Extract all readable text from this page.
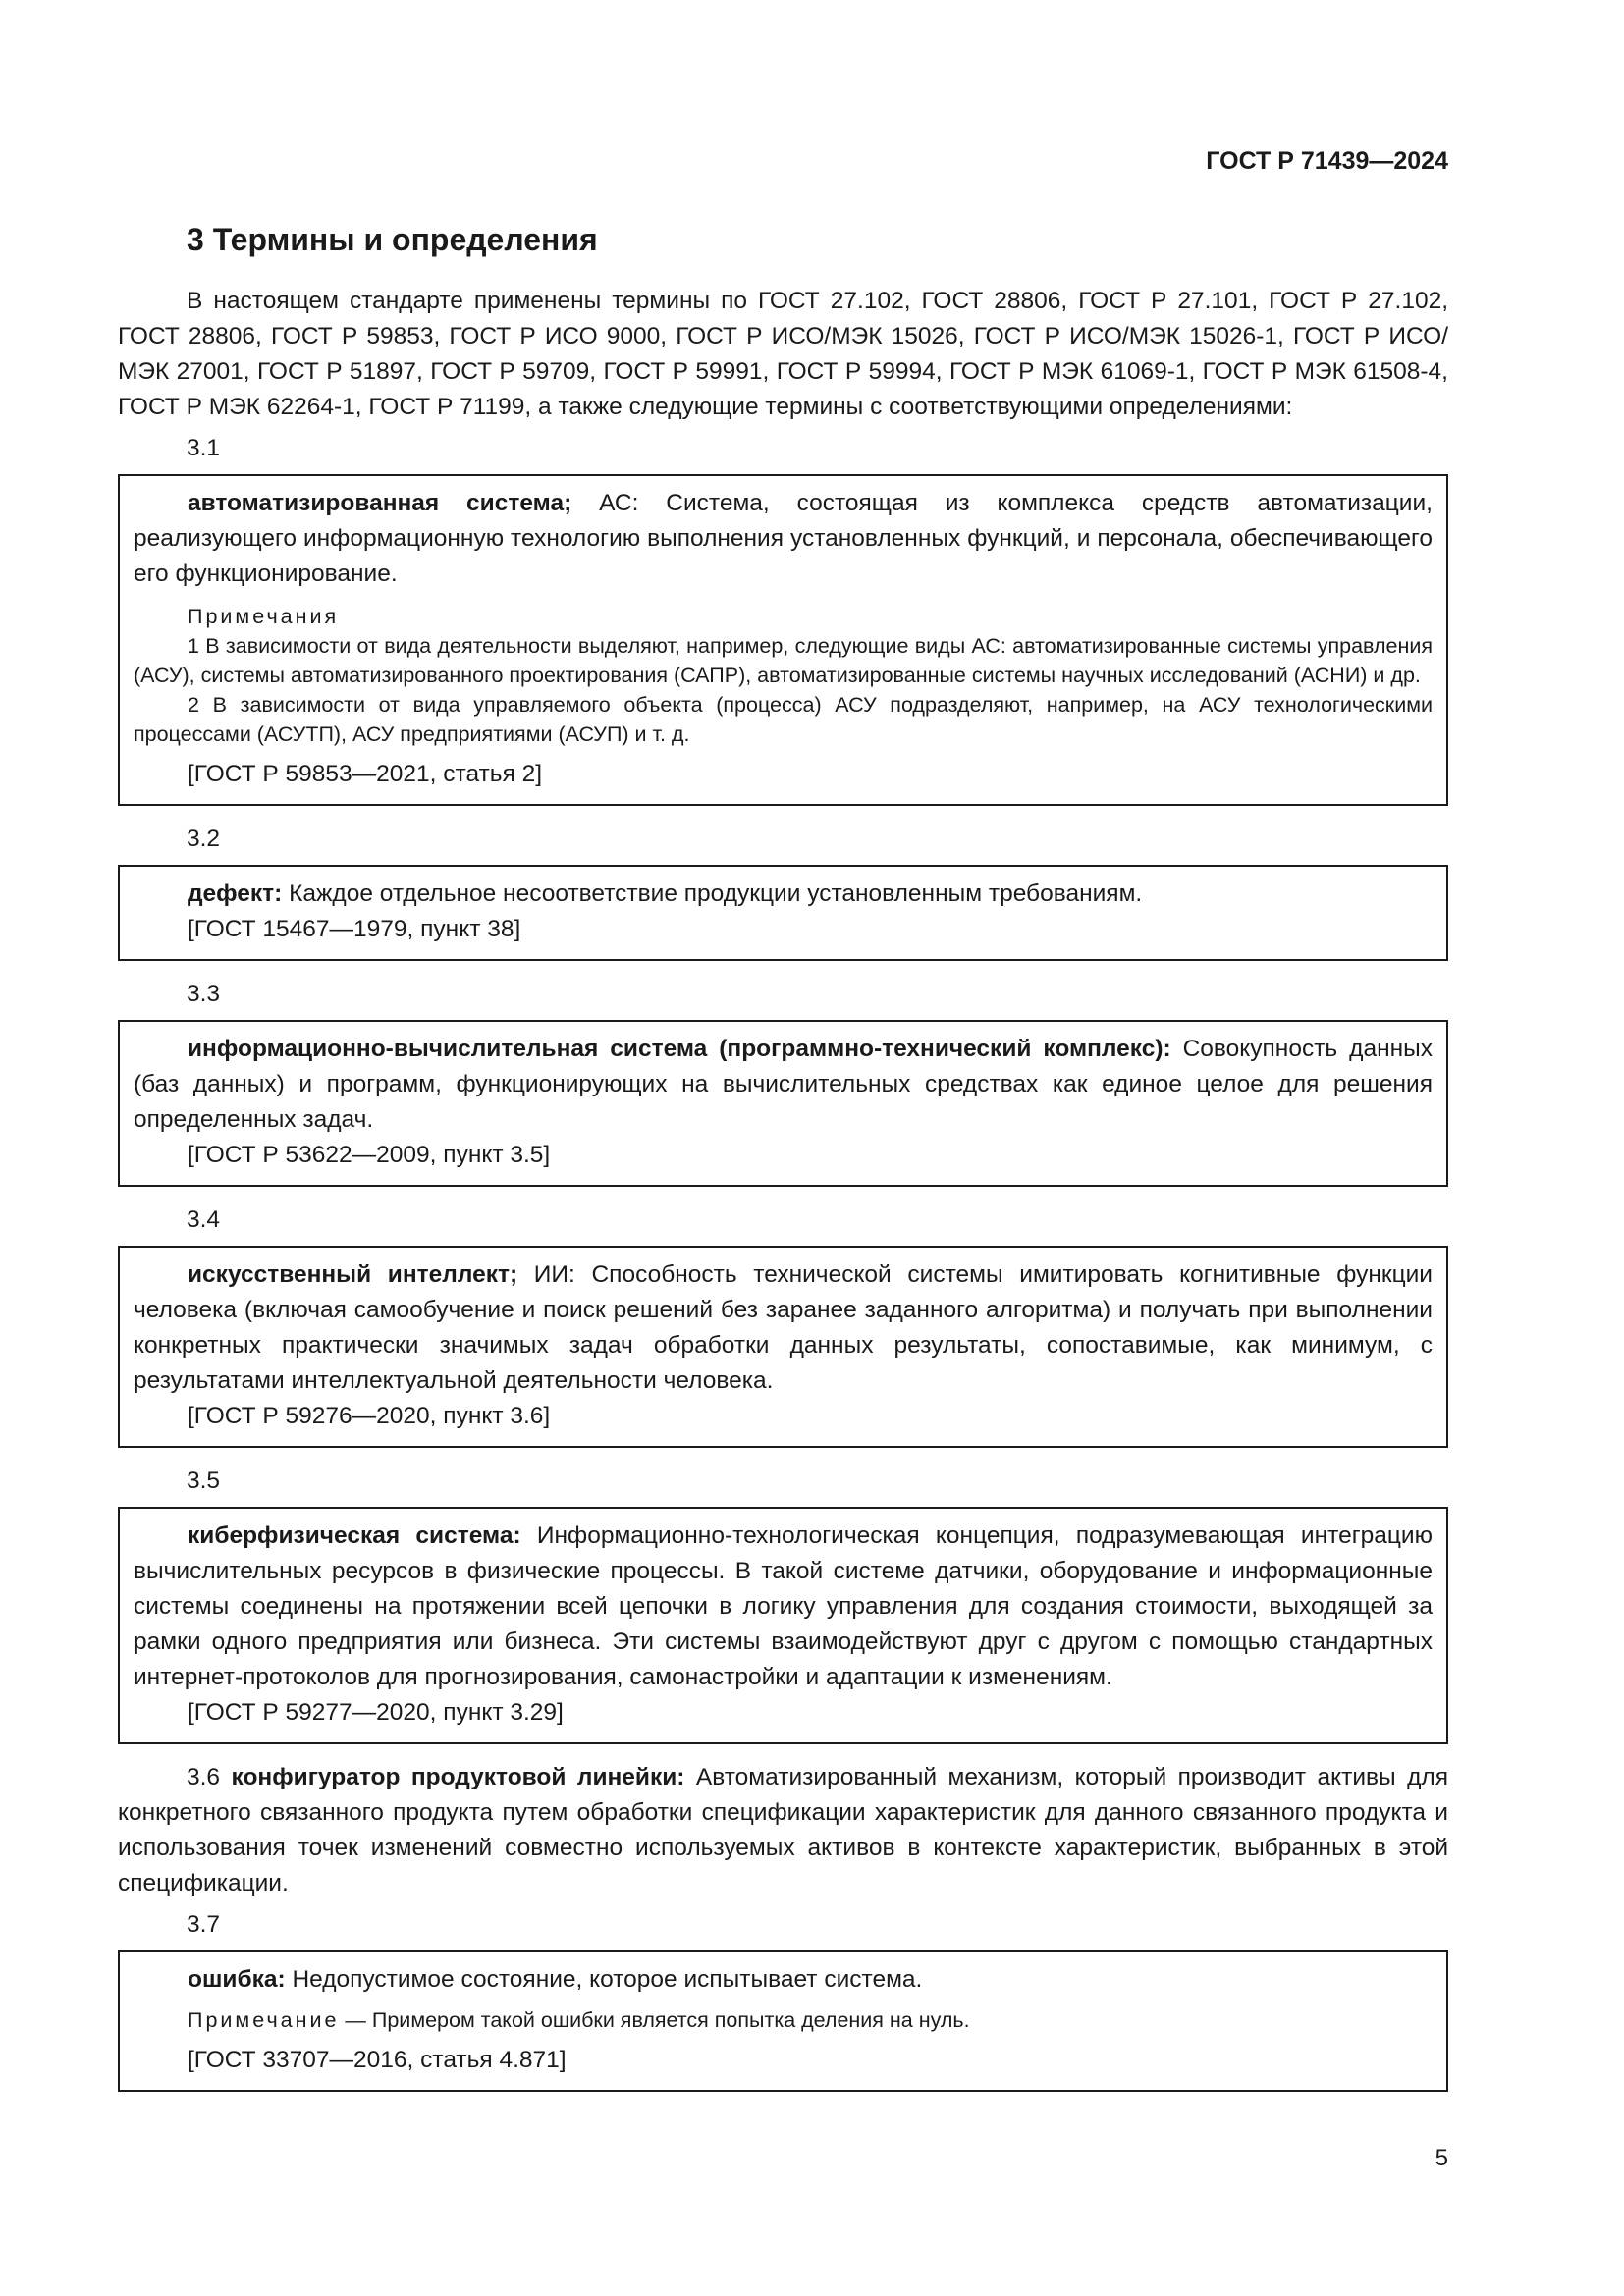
ГОСТ Р 71439—2024
3 Термины и определения

В настоящем стандарте применены термины по ГОСТ 27.102, ГОСТ 28806, ГОСТ Р 27.101, ГОСТ Р 27.102, ГОСТ 28806, ГОСТ Р 59853, ГОСТ Р ИСО 9000, ГОСТ Р ИСО/МЭК 15026, ГОСТ Р ИСО/МЭК 15026-1, ГОСТ Р ИСО/МЭК 27001, ГОСТ Р 51897, ГОСТ Р 59709, ГОСТ Р 59991, ГОСТ Р 59994, ГОСТ Р МЭК 61069-1, ГОСТ Р МЭК 61508-4, ГОСТ Р МЭК 62264-1, ГОСТ Р 71199, а также следующие термины с соответствующими определениями:

3.1

автоматизированная система; АС: Система, состоящая из комплекса средств автоматизации, реализующего информационную технологию выполнения установленных функций, и персонала, обеспечивающего его функционирование.

Примечания

1 В зависимости от вида деятельности выделяют, например, следующие виды АС: автоматизированные системы управления (АСУ), системы автоматизированного проектирования (САПР), автоматизированные системы научных исследований (АСНИ) и др.

2 В зависимости от вида управляемого объекта (процесса) АСУ подразделяют, например, на АСУ технологическими процессами (АСУТП), АСУ предприятиями (АСУП) и т. д.

[ГОСТ Р 59853—2021, статья 2]
3.2

дефект: Каждое отдельное несоответствие продукции установленным требованиям.

[ГОСТ 15467—1979, пункт 38]
3.3

информационно-вычислительная система (программно-технический комплекс): Совокупность данных (баз данных) и программ, функционирующих на вычислительных средствах как единое целое для решения определенных задач.

[ГОСТ Р 53622—2009, пункт 3.5]
3.4

искусственный интеллект; ИИ: Способность технической системы имитировать когнитивные функции человека (включая самообучение и поиск решений без заранее заданного алгоритма) и получать при выполнении конкретных практически значимых задач обработки данных результаты, сопоставимые, как минимум, с результатами интеллектуальной деятельности человека.

[ГОСТ Р 59276—2020, пункт 3.6]
3.5

киберфизическая система: Информационно-технологическая концепция, подразумевающая интеграцию вычислительных ресурсов в физические процессы. В такой системе датчики, оборудование и информационные системы соединены на протяжении всей цепочки в логику управления для создания стоимости, выходящей за рамки одного предприятия или бизнеса. Эти системы взаимодействуют друг с другом с помощью стандартных интернет-протоколов для прогнозирования, самонастройки и адаптации к изменениям.

[ГОСТ Р 59277—2020, пункт 3.29]

3.6 конфигуратор продуктовой линейки: Автоматизированный механизм, который производит активы для конкретного связанного продукта путем обработки спецификации характеристик для данного связанного продукта и использования точек изменений совместно используемых активов в контексте характеристик, выбранных в этой спецификации.

3.7

ошибка: Недопустимое состояние, которое испытывает система.

Примечание — Примером такой ошибки является попытка деления на нуль.

[ГОСТ 33707—2016, статья 4.871]
5
